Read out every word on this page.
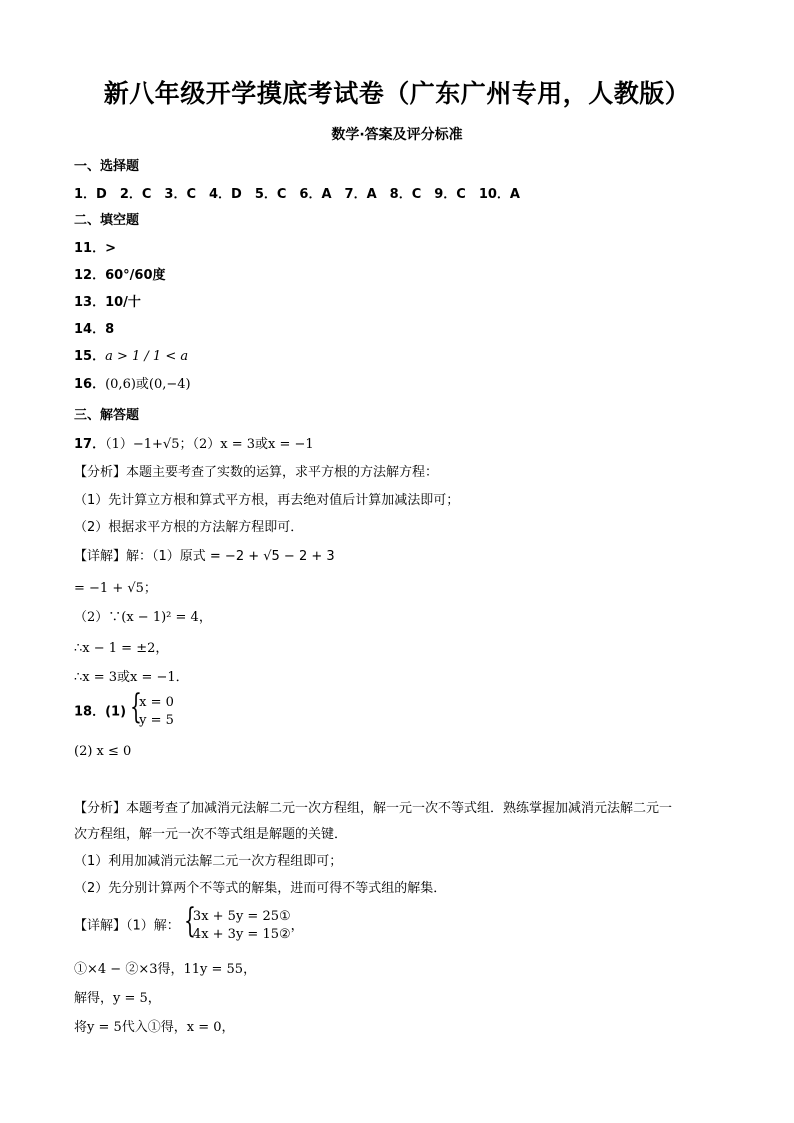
新八年级开学摸底考试卷（广东广州专用，人教版）
数学·答案及评分标准
一、选择题
1．D　2．C　3．C　4．D　5．C　6．A　7．A　8．C　9．C　10．A
二、填空题
11．>
12．60°/60度
13．10/十
14．8
15．a > 1 / 1 < a
16．(0,6)或(0,−4)
三、解答题
17．（1）−1+√5；（2）x = 3或x = −1
【分析】本题主要考查了实数的运算，求平方根的方法解方程：
（1）先计算立方根和算式平方根，再去绝对值后计算加减法即可；
（2）根据求平方根的方法解方程即可．
【详解】解：（1）原式 = −2 + √5 − 2 + 3
= −1 + √5；
（2）∵(x − 1)² = 4，
∴x − 1 = ±2，
∴x = 3或x = −1．
18．(1) {
x = 0
y = 5
(2) x ≤ 0
【分析】本题考查了加减消元法解二元一次方程组，解一元一次不等式组．熟练掌握加减消元法解二元一
次方程组，解一元一次不等式组是解题的关键．
（1）利用加减消元法解二元一次方程组即可；
（2）先分别计算两个不等式的解集，进而可得不等式组的解集．
【详解】（1）解： {
3x + 5y = 25①
4x + 3y = 15②
，
①×4 − ②×3得，11y = 55，
解得，y = 5，
将y = 5代入①得，x = 0，
